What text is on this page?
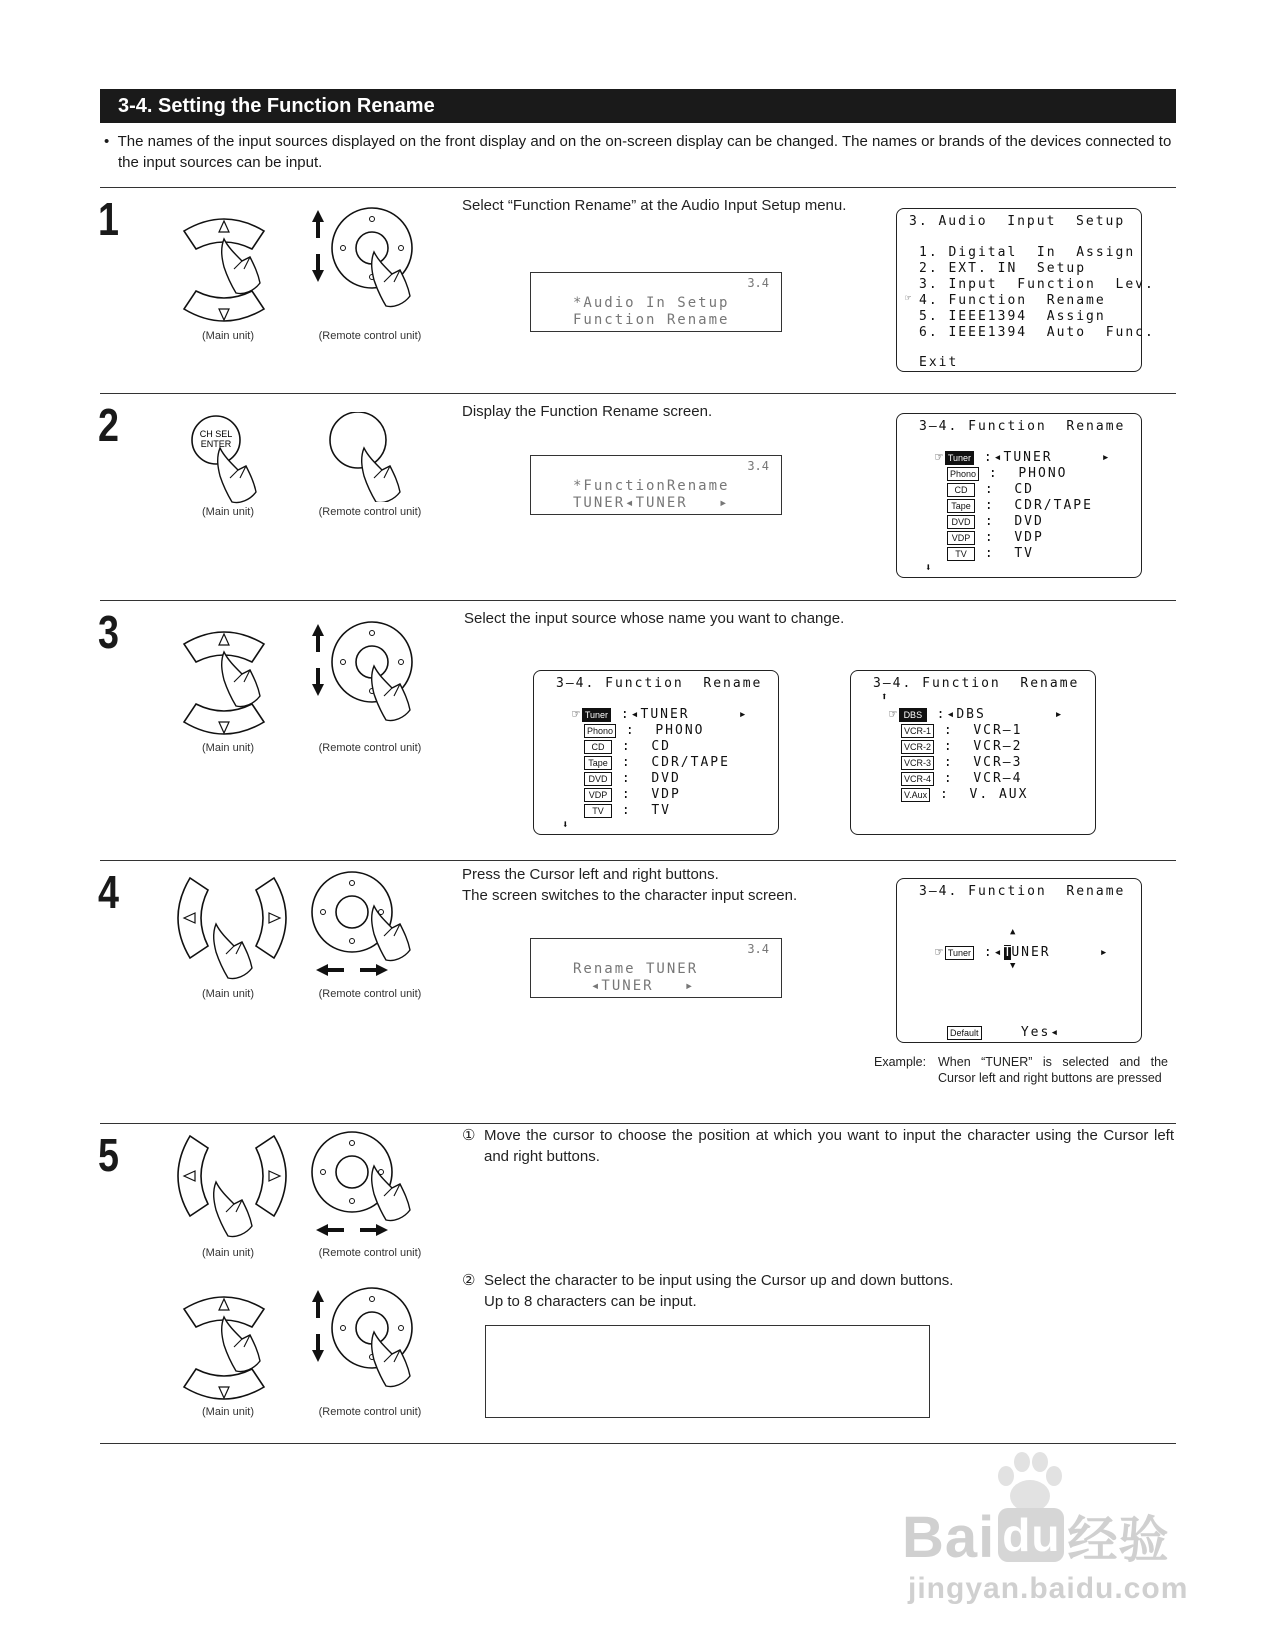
3-4. Setting the Function Rename
•  The names of the input sources displayed on the front display and on the on-screen display can be changed. The names or brands of the devices connected to the input sources can be input.
1
(Main unit)	(Remote control unit)
Select “Function Rename” at the Audio Input Setup menu.
3.4
*Audio In Setup
Function Rename
3. Audio  Input  Setup
1. Digital  In  Assign
2. EXT. IN  Setup
3. Input  Function  Lev.
☞ 4. Function  Rename
5. IEEE1394  Assign
6. IEEE1394  Auto  Func.
Exit
2	CH SEL
ENTER
(Main unit)	(Remote control unit)
Display the Function Rename screen.
3.4
*FunctionRename
TUNER◂TUNER   ▸
3—4. Function  Rename
☞ Tuner :◂TUNER     ▸
Phono :  PHONO
CD :  CD
Tape :  CDR/TAPE
DVD :  DVD
VDP :  VDP
TV :  TV
⬇
3
(Main unit)	(Remote control unit)
Select the input source whose name you want to change.
3—4. Function  Rename
☞ Tuner :◂TUNER     ▸
Phono :  PHONO
CD :  CD
Tape :  CDR/TAPE
DVD :  DVD
VDP :  VDP
TV :  TV
⬇
3—4. Function  Rename
⬆
☞ DBS :◂DBS       ▸
VCR-1 :  VCR—1
VCR-2 :  VCR—2
VCR-3 :  VCR—3
VCR-4 :  VCR—4
V.Aux :  V. AUX
4
(Main unit)	(Remote control unit)
Press the Cursor left and right buttons.
The screen switches to the character input screen.
3.4
Rename TUNER
◂TUNER   ▸
3—4. Function  Rename
▲
☞ Tuner :◂TUNER     ▸
▼
Default	Yes◂
Example: When “TUNER” is selected and the Cursor left and right buttons are pressed
5
(Main unit)	(Remote control unit)
① Move the cursor to choose the position at which you want to input the character using the Cursor left and right buttons.
(Main unit)	(Remote control unit)
② Select the character to be input using the Cursor up and down buttons.
Up to 8 characters can be input.
Bai du 经验
jingyan.baidu.com
